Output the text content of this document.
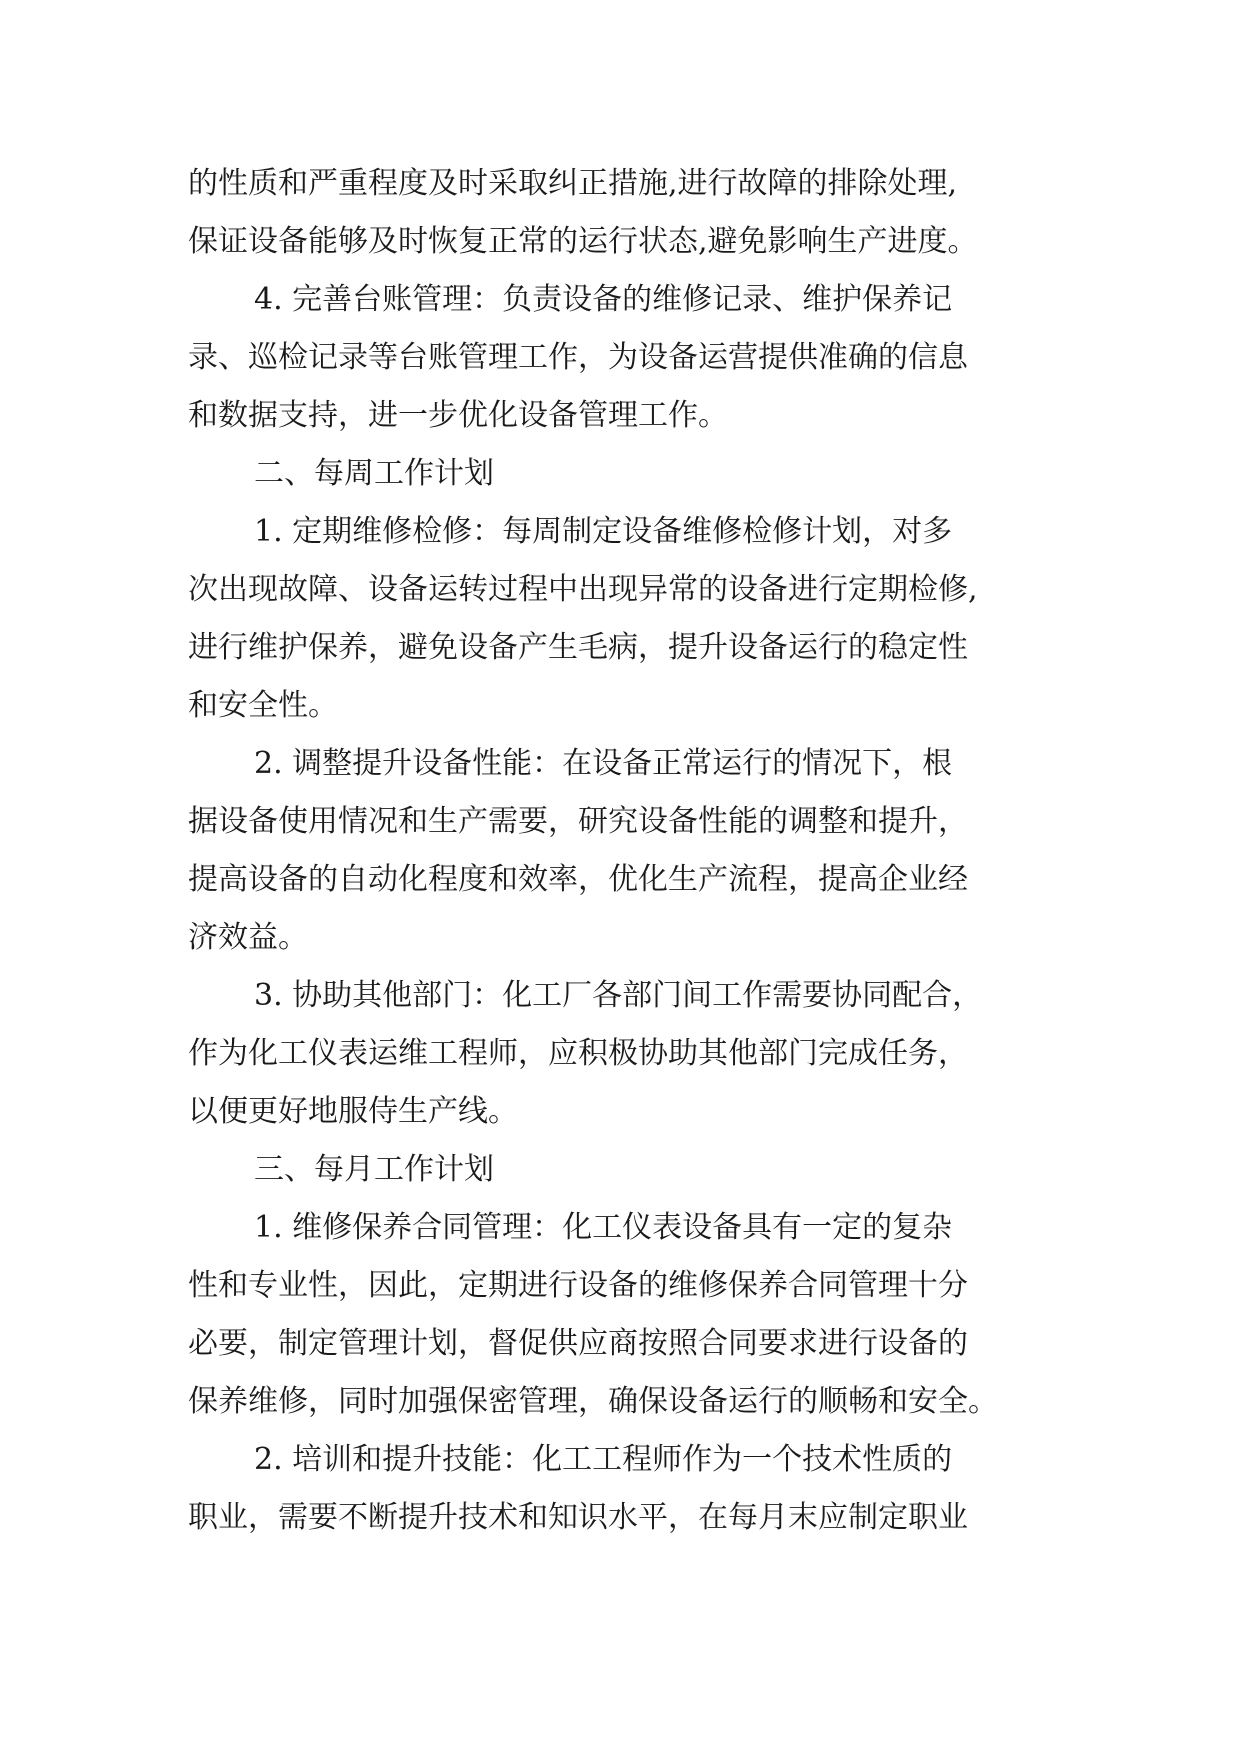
的性质和严重程度及时采取纠正措施,进行故障的排除处理,
保证设备能够及时恢复正常的运行状态,避免影响生产进度。
4. 完善台账管理：负责设备的维修记录、维护保养记
录、巡检记录等台账管理工作，为设备运营提供准确的信息
和数据支持，进一步优化设备管理工作。
二、每周工作计划
1. 定期维修检修：每周制定设备维修检修计划，对多
次出现故障、设备运转过程中出现异常的设备进行定期检修,
进行维护保养，避免设备产生毛病，提升设备运行的稳定性
和安全性。
2. 调整提升设备性能：在设备正常运行的情况下，根
据设备使用情况和生产需要，研究设备性能的调整和提升，
提高设备的自动化程度和效率，优化生产流程，提高企业经
济效益。
3. 协助其他部门：化工厂各部门间工作需要协同配合，
作为化工仪表运维工程师，应积极协助其他部门完成任务，
以便更好地服侍生产线。
三、每月工作计划
1. 维修保养合同管理：化工仪表设备具有一定的复杂
性和专业性，因此，定期进行设备的维修保养合同管理十分
必要，制定管理计划，督促供应商按照合同要求进行设备的
保养维修，同时加强保密管理，确保设备运行的顺畅和安全。
2. 培训和提升技能：化工工程师作为一个技术性质的
职业，需要不断提升技术和知识水平，在每月末应制定职业
